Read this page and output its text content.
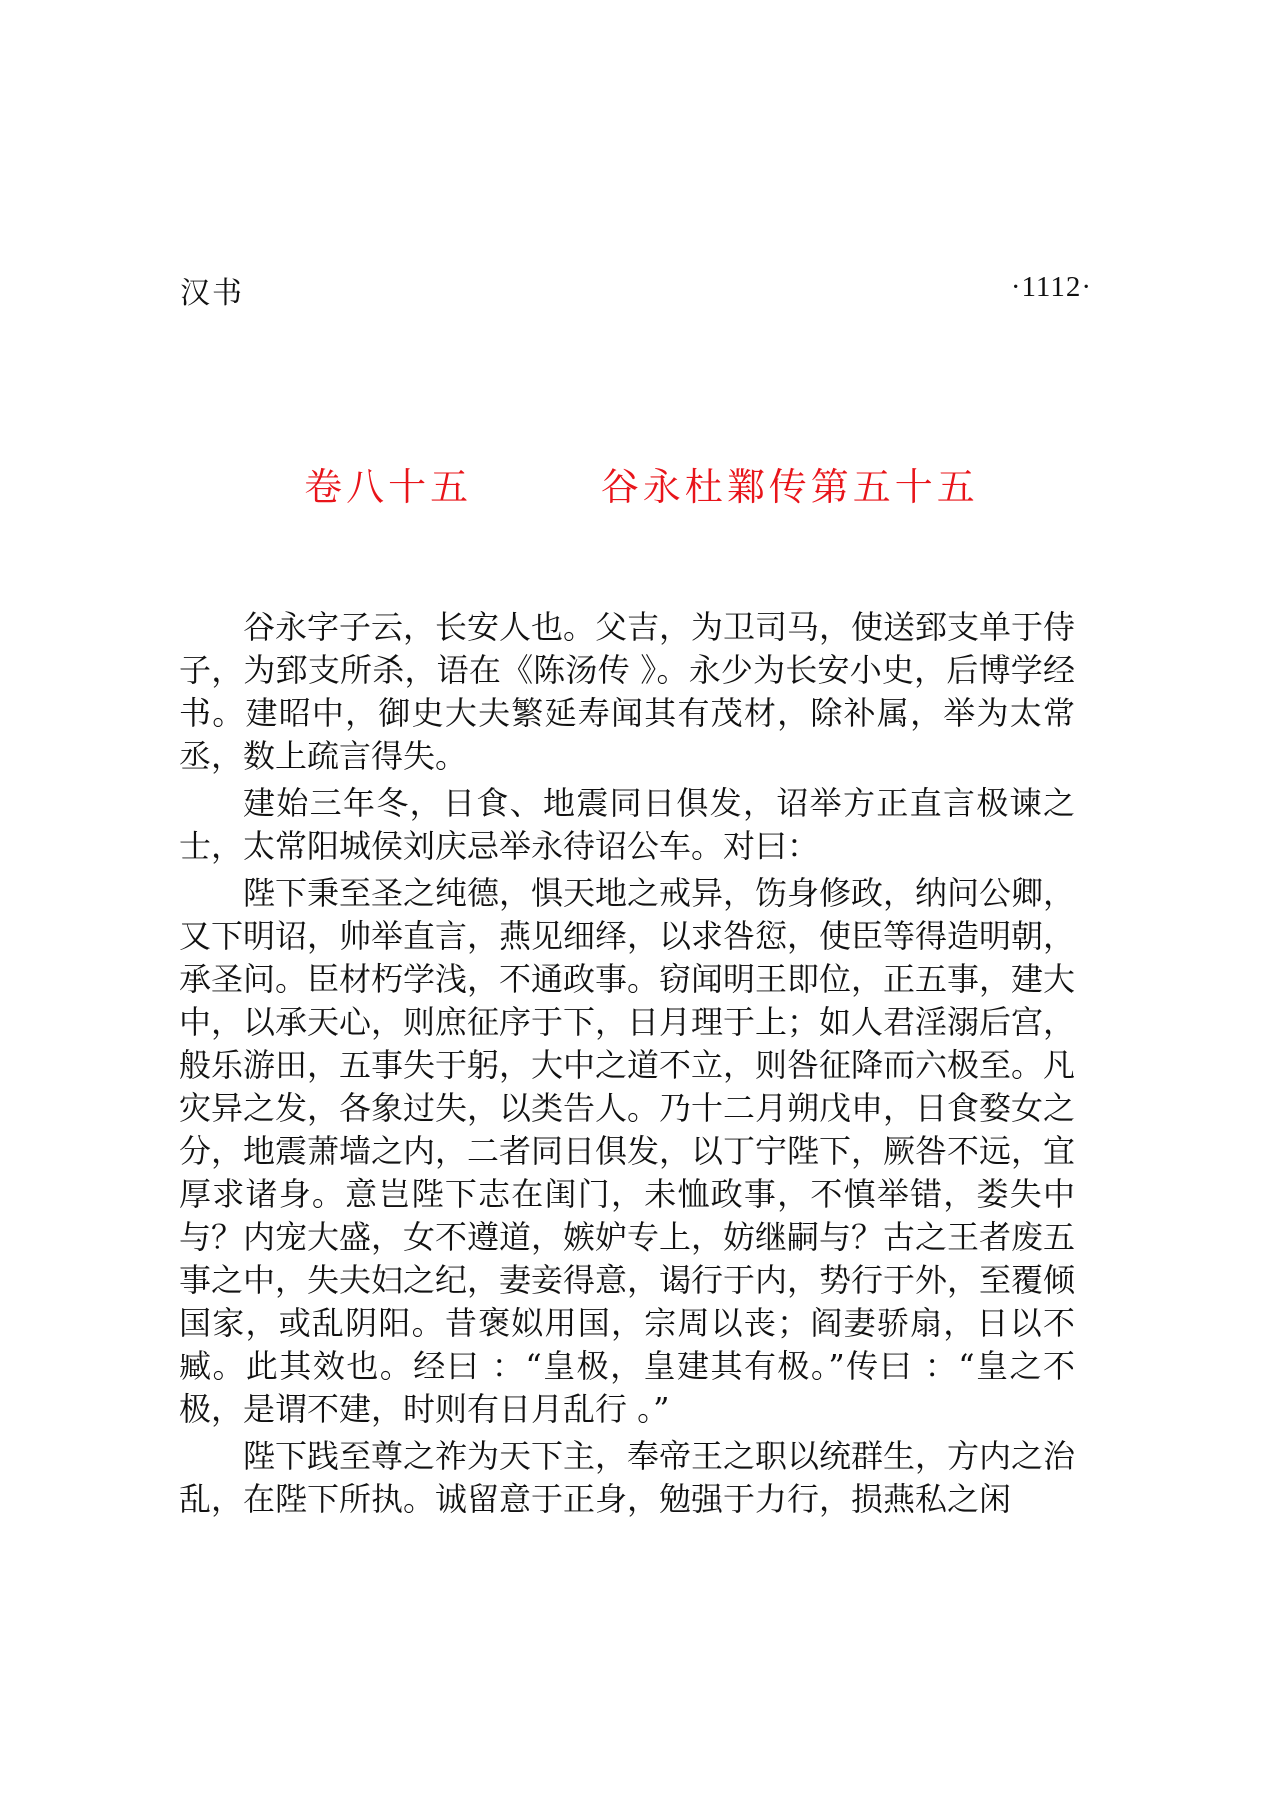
汉书	·1112·
卷八十五        谷永杜鄴传第五十五

谷永字子云，长安人也。父吉，为卫司马，使送郅支单于侍子，为郅支所杀，语在《陈汤传 》。永少为长安小史，后博学经书。建昭中，御史大夫繁延寿闻其有茂材，除补属，举为太常丞，数上疏言得失。

建始三年冬，日食、地震同日俱发，诏举方正直言极谏之士，太常阳城侯刘庆忌举永待诏公车。对曰：

陛下秉至圣之纯德，惧天地之戒异，饬身修政，纳问公卿，又下明诏，帅举直言，燕见细绎，以求咎愆，使臣等得造明朝，承圣问。臣材朽学浅，不通政事。窃闻明王即位，正五事，建大中，以承天心，则庶征序于下，日月理于上；如人君淫溺后宫，般乐游田，五事失于躬，大中之道不立，则咎征降而六极至。凡灾异之发，各象过失，以类告人。乃十二月朔戊申，日食婺女之分，地震萧墙之内，二者同日俱发，以丁宁陛下，厥咎不远，宜厚求诸身。意岂陛下志在闺门，未恤政事，不慎举错，娄失中与？内宠大盛，女不遵道，嫉妒专上，妨继嗣与？古之王者废五事之中，失夫妇之纪，妻妾得意，谒行于内，势行于外，至覆倾国家，或乱阴阳。昔褒姒用国，宗周以丧；阎妻骄扇，日以不臧。此其效也。经曰 ：“皇极，皇建其有极。”传曰 ：“皇之不极，是谓不建，时则有日月乱行 。”

陛下践至尊之祚为天下主，奉帝王之职以统群生，方内之治乱，在陛下所执。诚留意于正身，勉强于力行，损燕私之闲
